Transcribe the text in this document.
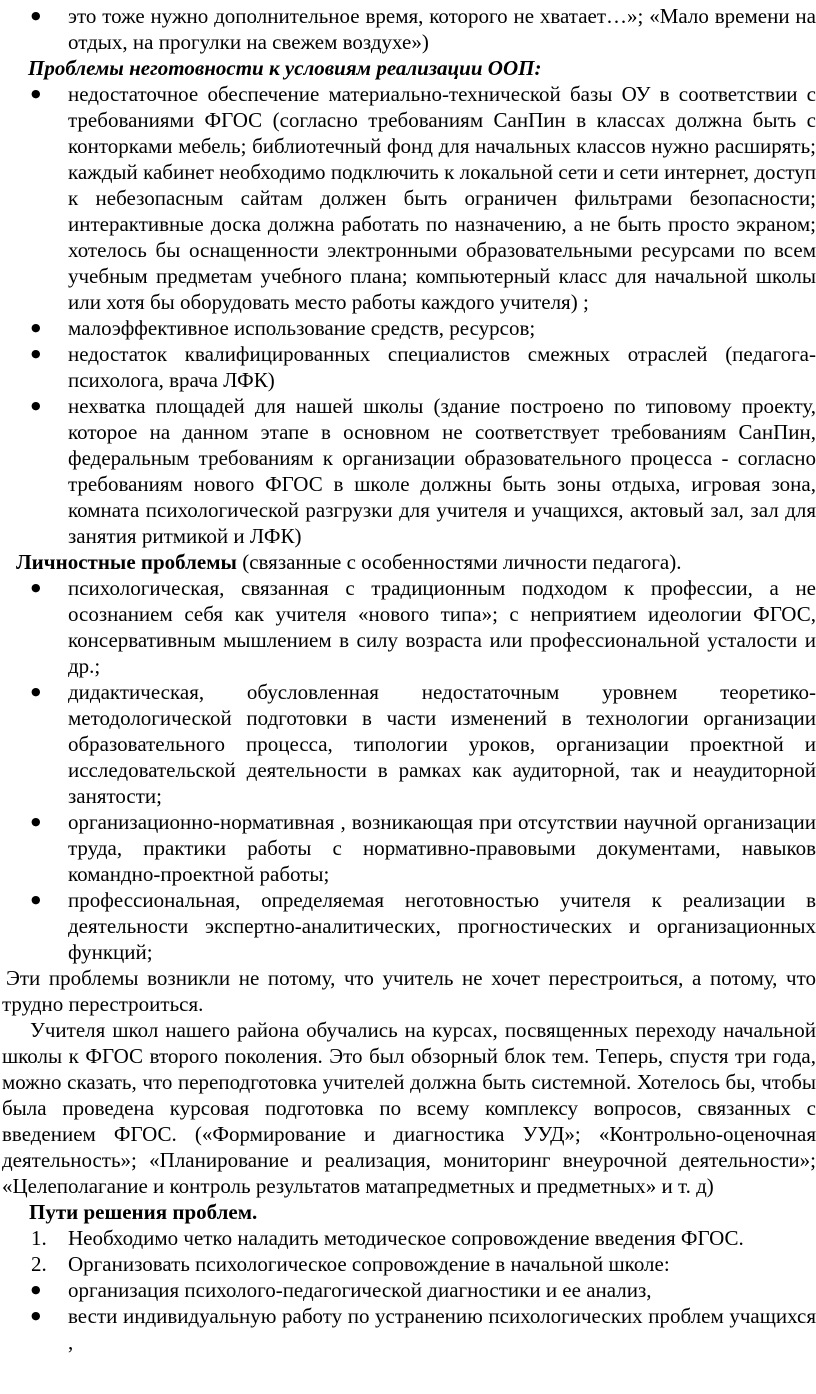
● это тоже нужно дополнительное время, которого не хватает…»; «Мало времени на отдых, на прогулки на свежем воздухе»)

Проблемы неготовности к условиям реализации ООП:

● недостаточное обеспечение материально-технической базы ОУ в соответствии с требованиями ФГОС (согласно требованиям СанПин в классах должна быть с конторками мебель; библиотечный фонд для начальных классов нужно расширять; каждый кабинет необходимо подключить к локальной сети и сети интернет, доступ к небезопасным сайтам должен быть ограничен фильтрами безопасности; интерактивные доска должна работать по назначению, а не быть просто экраном; хотелось бы оснащенности электронными образовательными ресурсами по всем учебным предметам учебного плана; компьютерный класс для начальной школы или хотя бы оборудовать место работы каждого учителя) ;
● малоэффективное использование средств, ресурсов;
● недостаток квалифицированных специалистов смежных отраслей (педагога-психолога, врача ЛФК)
● нехватка площадей для нашей школы (здание построено по типовому проекту, которое на данном этапе в основном не соответствует требованиям СанПин, федеральным требованиям к организации образовательного процесса - согласно требованиям нового ФГОС в школе должны быть зоны отдыха, игровая зона, комната психологической разгрузки для учителя и учащихся, актовый зал, зал для занятия ритмикой и ЛФК)

Личностные проблемы (связанные с особенностями личности педагога).

● психологическая, связанная с традиционным подходом к профессии, а не осознанием себя как учителя «нового типа»; с неприятием идеологии ФГОС, консервативным мышлением в силу возраста или профессиональной усталости и др.;
● дидактическая, обусловленная недостаточным уровнем теоретико-методологической подготовки в части изменений в технологии организации образовательного процесса, типологии уроков, организации проектной и исследовательской деятельности в рамках как аудиторной, так и неаудиторной занятости;
● организационно-нормативная , возникающая при отсутствии научной организации труда, практики работы с нормативно-правовыми документами, навыков командно-проектной работы;
● профессиональная, определяемая неготовностью учителя к реализации в деятельности экспертно-аналитических, прогностических и организационных функций;

Эти проблемы возникли не потому, что учитель не хочет перестроиться, а потому, что трудно перестроиться.

Учителя школ нашего района обучались на курсах, посвященных переходу начальной школы к ФГОС второго поколения. Это был обзорный блок тем. Теперь, спустя три года, можно сказать, что переподготовка учителей должна быть системной. Хотелось бы, чтобы была проведена курсовая подготовка по всему комплексу вопросов, связанных с введением ФГОС. («Формирование и диагностика УУД»; «Контрольно-оценочная деятельность»; «Планирование и реализация, мониторинг внеурочной деятельности»; «Целеполагание и контроль результатов матапредметных и предметных» и т. д)

Пути решения проблем.

1. Необходимо четко наладить методическое сопровождение введения ФГОС.
2. Организовать психологическое сопровождение в начальной школе:
● организация психолого-педагогической диагностики и ее анализ,
● вести индивидуальную работу по устранению психологических проблем учащихся ,
